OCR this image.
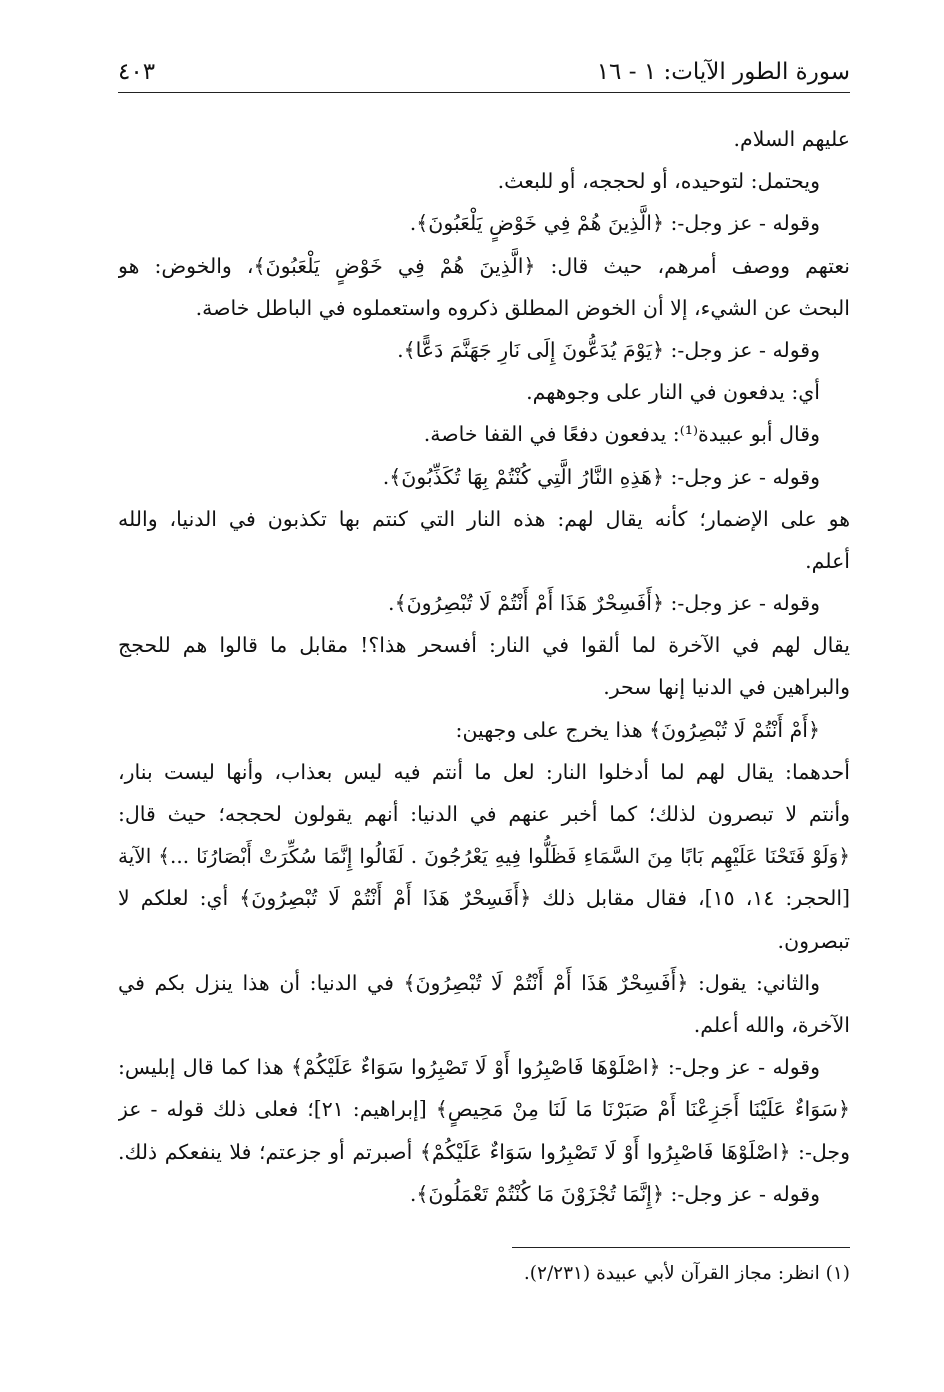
سورة الطور الآيات: ١ - ١٦
٤٠٣
عليهم السلام.
ويحتمل: لتوحيده، أو لحججه، أو للبعث.
وقوله - عز وجل-: ﴿الَّذِينَ هُمْ فِي خَوْضٍ يَلْعَبُونَ﴾.
نعتهم ووصف أمرهم، حيث قال: ﴿الَّذِينَ هُمْ فِي خَوْضٍ يَلْعَبُونَ﴾، والخوض: هو
البحث عن الشيء، إلا أن الخوض المطلق ذكروه واستعملوه في الباطل خاصة.
وقوله - عز وجل-: ﴿يَوْمَ يُدَعُّونَ إِلَى نَارِ جَهَنَّمَ دَعًّا﴾.
أي: يدفعون في النار على وجوههم.
وقال أبو عبيدة⁽¹⁾: يدفعون دفعًا في القفا خاصة.
وقوله - عز وجل-: ﴿هَذِهِ النَّارُ الَّتِي كُنْتُمْ بِهَا تُكَذِّبُونَ﴾.
هو على الإضمار؛ كأنه يقال لهم: هذه النار التي كنتم بها تكذبون في الدنيا، والله
أعلم.
وقوله - عز وجل-: ﴿أَفَسِحْرٌ هَذَا أَمْ أَنْتُمْ لَا تُبْصِرُونَ﴾.
يقال لهم في الآخرة لما ألقوا في النار: أفسحر هذا؟! مقابل ما قالوا هم للحجج
والبراهين في الدنيا إنها سحر.
﴿أَمْ أَنْتُمْ لَا تُبْصِرُونَ﴾ هذا يخرج على وجهين:
أحدهما: يقال لهم لما أدخلوا النار: لعل ما أنتم فيه ليس بعذاب، وأنها ليست بنار،
وأنتم لا تبصرون لذلك؛ كما أخبر عنهم في الدنيا: أنهم يقولون لحججه؛ حيث قال:
﴿وَلَوْ فَتَحْنَا عَلَيْهِم بَابًا مِنَ السَّمَاءِ فَظَلُّوا فِيهِ يَعْرُجُونَ . لَقَالُوا إِنَّمَا سُكِّرَتْ أَبْصَارُنَا ...﴾ الآية
[الحجر: ١٤، ١٥]، فقال مقابل ذلك ﴿أَفَسِحْرٌ هَذَا أَمْ أَنْتُمْ لَا تُبْصِرُونَ﴾ أي: لعلكم لا
تبصرون.
والثاني: يقول: ﴿أَفَسِحْرٌ هَذَا أَمْ أَنْتُمْ لَا تُبْصِرُونَ﴾ في الدنيا: أن هذا ينزل بكم في
الآخرة، والله أعلم.
وقوله - عز وجل-: ﴿اصْلَوْهَا فَاصْبِرُوا أَوْ لَا تَصْبِرُوا سَوَاءٌ عَلَيْكُمْ﴾ هذا كما قال إبليس:
﴿سَوَاءٌ عَلَيْنَا أَجَزِعْنَا أَمْ صَبَرْنَا مَا لَنَا مِنْ مَحِيصٍ﴾ [إبراهيم: ٢١]؛ فعلى ذلك قوله - عز
وجل-: ﴿اصْلَوْهَا فَاصْبِرُوا أَوْ لَا تَصْبِرُوا سَوَاءٌ عَلَيْكُمْ﴾ أصبرتم أو جزعتم؛ فلا ينفعكم ذلك.
وقوله - عز وجل-: ﴿إِنَّمَا تُجْزَوْنَ مَا كُنْتُمْ تَعْمَلُونَ﴾.
(١) انظر: مجاز القرآن لأبي عبيدة (٢/٢٣١).
